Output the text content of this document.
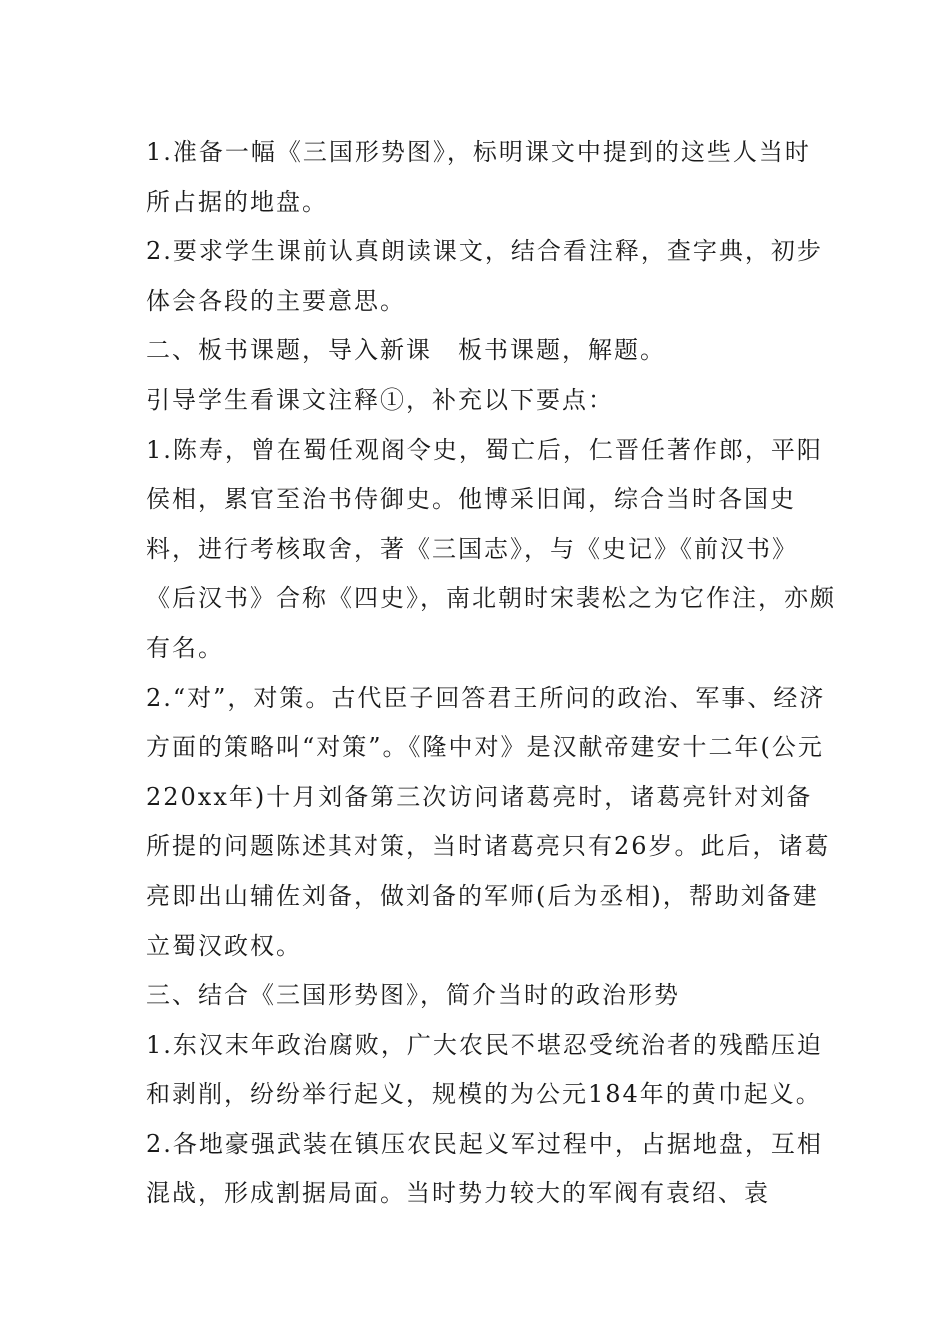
1.准备一幅《三国形势图》，标明课文中提到的这些人当时所占据的地盘。

2.要求学生课前认真朗读课文，结合看注释，查字典，初步体会各段的主要意思。

二、板书课题，导入新课　板书课题，解题。

引导学生看课文注释①，补充以下要点：

1.陈寿，曾在蜀任观阁令史，蜀亡后，仁晋任著作郎，平阳侯相，累官至治书侍御史。他博采旧闻，综合当时各国史料，进行考核取舍，著《三国志》，与《史记》《前汉书》《后汉书》合称《四史》，南北朝时宋裴松之为它作注，亦颇有名。

2.“对”，对策。古代臣子回答君王所问的政治、军事、经济方面的策略叫“对策”。《隆中对》是汉献帝建安十二年(公元220xx年)十月刘备第三次访问诸葛亮时，诸葛亮针对刘备所提的问题陈述其对策，当时诸葛亮只有26岁。此后，诸葛亮即出山辅佐刘备，做刘备的军师(后为丞相)，帮助刘备建立蜀汉政权。

三、结合《三国形势图》，简介当时的政治形势

1.东汉末年政治腐败，广大农民不堪忍受统治者的残酷压迫和剥削，纷纷举行起义，规模的为公元184年的黄巾起义。

2.各地豪强武装在镇压农民起义军过程中，占据地盘，互相混战，形成割据局面。当时势力较大的军阀有袁绍、袁
